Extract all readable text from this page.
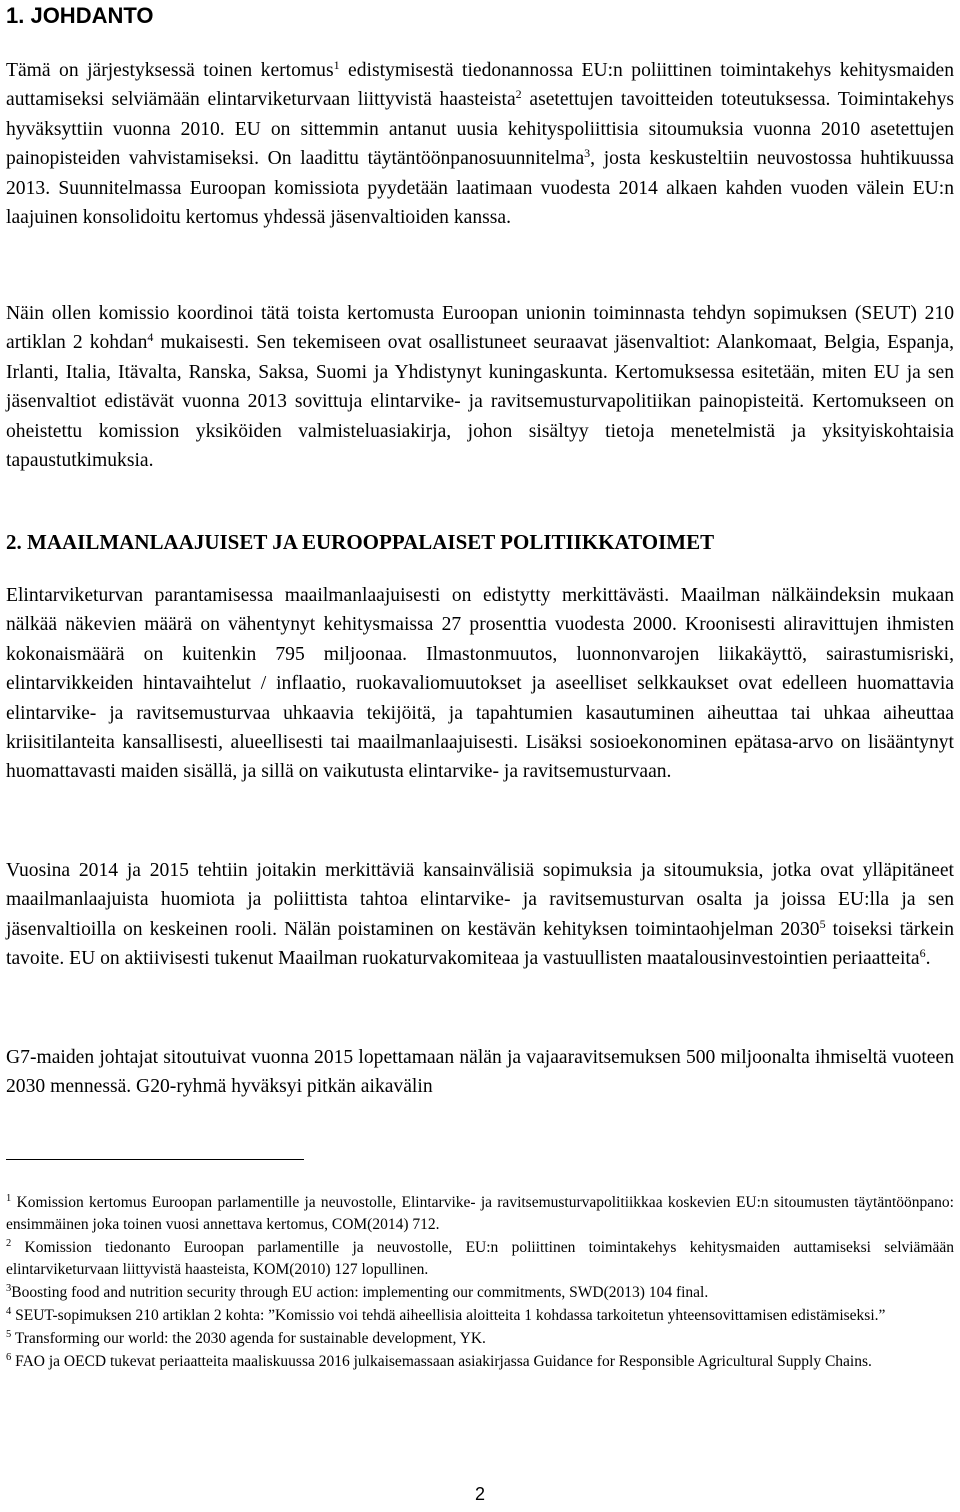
1. JOHDANTO

Tämä on järjestyksessä toinen kertomus$^1$ edistymisestä tiedonannossa EU:n poliittinen toimintakehys kehitysmaiden auttamiseksi selviämään elintarviketurvaan liittyvistä haasteista$^2$ asetettujen tavoitteiden toteutuksessa. Toimintakehys hyväksyttiin vuonna 2010. EU on sittemmin antanut uusia kehityspoliittisia sitoumuksia vuonna 2010 asetettujen painopisteiden vahvistamiseksi. On laadittu täytäntöönpanosuunnitelma$^3$, josta keskusteltiin neuvostossa huhtikuussa 2013. Suunnitelmassa Euroopan komissiota pyydetään laatimaan vuodesta 2014 alkaen kahden vuoden välein EU:n laajuinen konsolidoitu kertomus yhdessä jäsenvaltioiden kanssa.

Näin ollen komissio koordinoi tätä toista kertomusta Euroopan unionin toiminnasta tehdyn sopimuksen (SEUT) 210 artiklan 2 kohdan$^4$ mukaisesti. Sen tekemiseen ovat osallistuneet seuraavat jäsenvaltiot: Alankomaat, Belgia, Espanja, Irlanti, Italia, Itävalta, Ranska, Saksa, Suomi ja Yhdistynyt kuningaskunta. Kertomuksessa esitetään, miten EU ja sen jäsenvaltiot edistävät vuonna 2013 sovittuja elintarvike- ja ravitsemusturvapolitiikan painopisteitä. Kertomukseen on oheistettu komission yksiköiden valmisteluasiakirja, johon sisältyy tietoja menetelmistä ja yksityiskohtaisia tapaustutkimuksia.

2. MAAILMANLAAJUISET JA EUROOPPALAISET POLITIIKKATOIMET

Elintarviketurvan parantamisessa maailmanlaajuisesti on edistytty merkittävästi. Maailman nälkäindeksin mukaan nälkää näkevien määrä on vähentynyt kehitysmaissa 27 prosenttia vuodesta 2000. Kroonisesti aliravittujen ihmisten kokonaismäärä on kuitenkin 795 miljoonaa. Ilmastonmuutos, luonnonvarojen liikakäyttö, sairastumisriski, elintarvikkeiden hintavaihtelut / inflaatio, ruokavaliomuutokset ja aseelliset selkkaukset ovat edelleen huomattavia elintarvike- ja ravitsemusturvaa uhkaavia tekijöitä, ja tapahtumien kasautuminen aiheuttaa tai uhkaa aiheuttaa kriisitilanteita kansallisesti, alueellisesti tai maailmanlaajuisesti. Lisäksi sosioekonominen epätasa-arvo on lisääntynyt huomattavasti maiden sisällä, ja sillä on vaikutusta elintarvike- ja ravitsemusturvaan.

Vuosina 2014 ja 2015 tehtiin joitakin merkittäviä kansainvälisiä sopimuksia ja sitoumuksia, jotka ovat ylläpitäneet maailmanlaajuista huomiota ja poliittista tahtoa elintarvike- ja ravitsemusturvan osalta ja joissa EU:lla ja sen jäsenvaltioilla on keskeinen rooli. Nälän poistaminen on kestävän kehityksen toimintaohjelman 2030$^5$ toiseksi tärkein tavoite. EU on aktiivisesti tukenut Maailman ruokaturvakomiteaa ja vastuullisten maatalousinvestointien periaatteita$^6$.

G7-maiden johtajat sitoutuivat vuonna 2015 lopettamaan nälän ja vajaaravitsemuksen 500 miljoonalta ihmiseltä vuoteen 2030 mennessä. G20-ryhmä hyväksyi pitkän aikavälin

$^1$ Komission kertomus Euroopan parlamentille ja neuvostolle, Elintarvike- ja ravitsemusturvapolitiikkaa koskevien EU:n sitoumusten täytäntöönpano: ensimmäinen joka toinen vuosi annettava kertomus, COM(2014) 712.
$^2$ Komission tiedonanto Euroopan parlamentille ja neuvostolle, EU:n poliittinen toimintakehys kehitysmaiden auttamiseksi selviämään elintarviketurvaan liittyvistä haasteista, KOM(2010) 127 lopullinen.
$^3$Boosting food and nutrition security through EU action: implementing our commitments, SWD(2013) 104 final.
$^4$ SEUT-sopimuksen 210 artiklan 2 kohta: ”Komissio voi tehdä aiheellisia aloitteita 1 kohdassa tarkoitetun yhteensovittamisen edistämiseksi.”
$^5$ Transforming our world: the 2030 agenda for sustainable development, YK.
$^6$ FAO ja OECD tukevat periaatteita maaliskuussa 2016 julkaisemassaan asiakirjassa Guidance for Responsible Agricultural Supply Chains.
2
